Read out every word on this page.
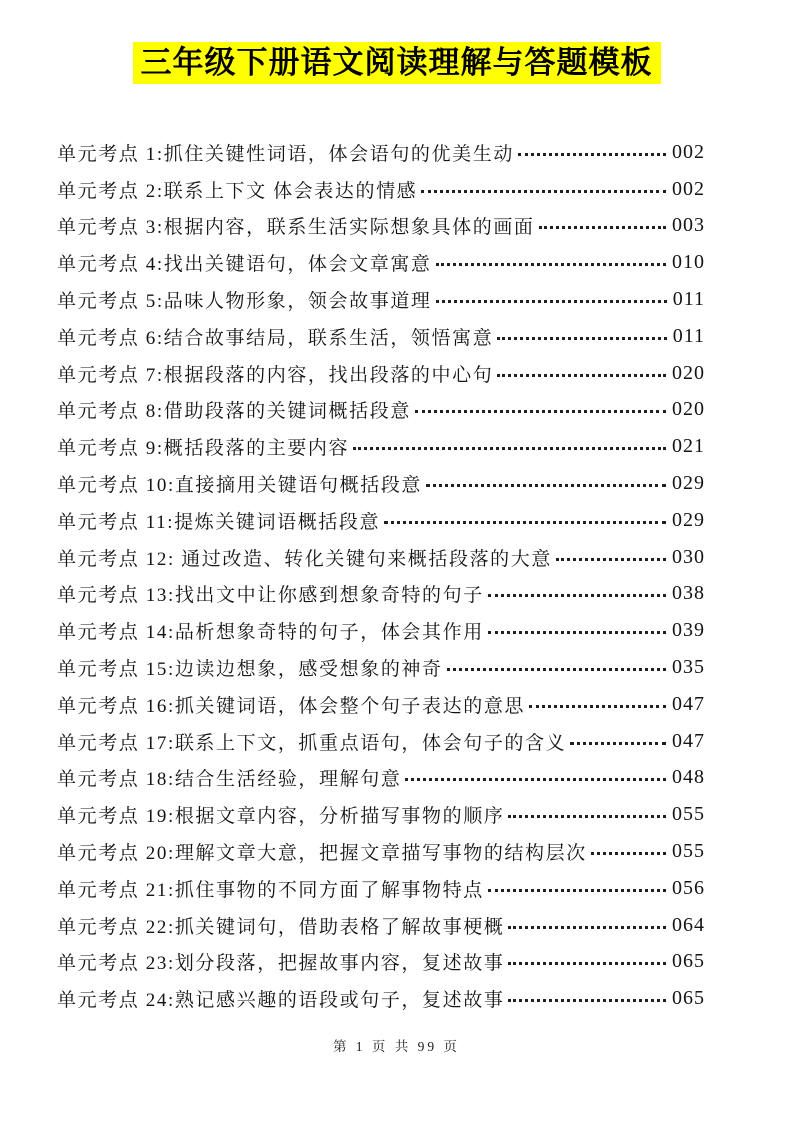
三年级下册语文阅读理解与答题模板
单元考点 1:抓住关键性词语，体会语句的优美生动	002
单元考点 2:联系上下文 体会表达的情感	002
单元考点 3:根据内容，联系生活实际想象具体的画面	003
单元考点 4:找出关键语句，体会文章寓意	010
单元考点 5:品味人物形象，领会故事道理	011
单元考点 6:结合故事结局，联系生活，领悟寓意	011
单元考点 7:根据段落的内容，找出段落的中心句	020
单元考点 8:借助段落的关键词概括段意	020
单元考点 9:概括段落的主要内容	021
单元考点 10:直接摘用关键语句概括段意	029
单元考点 11:提炼关键词语概括段意	029
单元考点 12: 通过改造、转化关键句来概括段落的大意	030
单元考点 13:找出文中让你感到想象奇特的句子	038
单元考点 14:品析想象奇特的句子，体会其作用	039
单元考点 15:边读边想象，感受想象的神奇	035
单元考点 16:抓关键词语，体会整个句子表达的意思	047
单元考点 17:联系上下文，抓重点语句，体会句子的含义	047
单元考点 18:结合生活经验，理解句意	048
单元考点 19:根据文章内容，分析描写事物的顺序	055
单元考点 20:理解文章大意，把握文章描写事物的结构层次	055
单元考点 21:抓住事物的不同方面了解事物特点	056
单元考点 22:抓关键词句，借助表格了解故事梗概	064
单元考点 23:划分段落，把握故事内容，复述故事	065
单元考点 24:熟记感兴趣的语段或句子，复述故事	065
第 1 页 共 99 页
